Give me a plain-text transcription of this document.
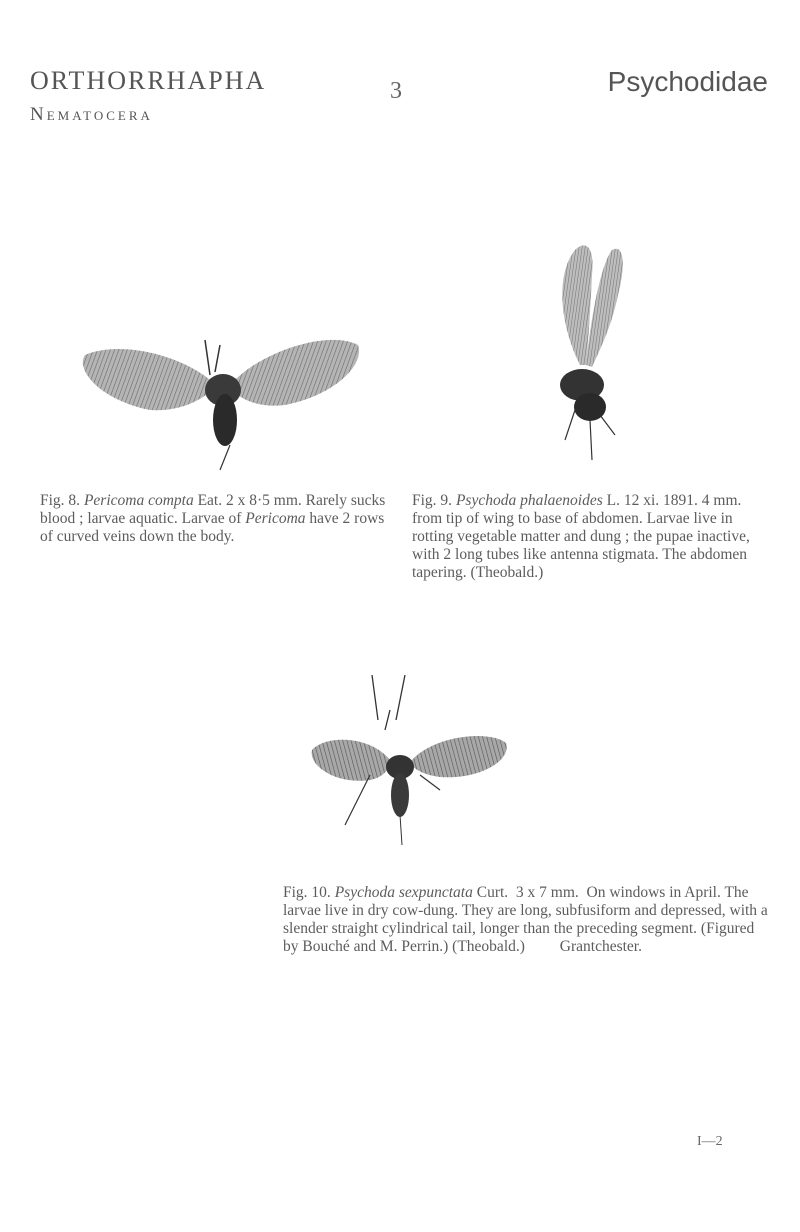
ORTHORRHAPHA
Nematocera
3	Psychodidae
Fig. 8. Pericoma compta Eat. 2 x 8·5 mm. Rarely sucks blood ; larvae aquatic. Larvae of Pericoma have 2 rows of curved veins down the body.
Fig. 9. Psychoda phalaenoides L. 12 xi. 1891. 4 mm. from tip of wing to base of abdomen. Larvae live in rotting vegetable matter and dung ; the pupae inactive, with 2 long tubes like antenna stigmata. The abdomen tapering. (Theobald.)
Fig. 10. Psychoda sexpunctata Curt.  3 x 7 mm.  On windows in April. The larvae live in dry cow-dung. They are long, subfusiform and depressed, with a slender straight cylindrical tail, longer than the preceding segment. (Figured by Bouché and M. Perrin.) (Theobald.)         Grantchester.
I—2
